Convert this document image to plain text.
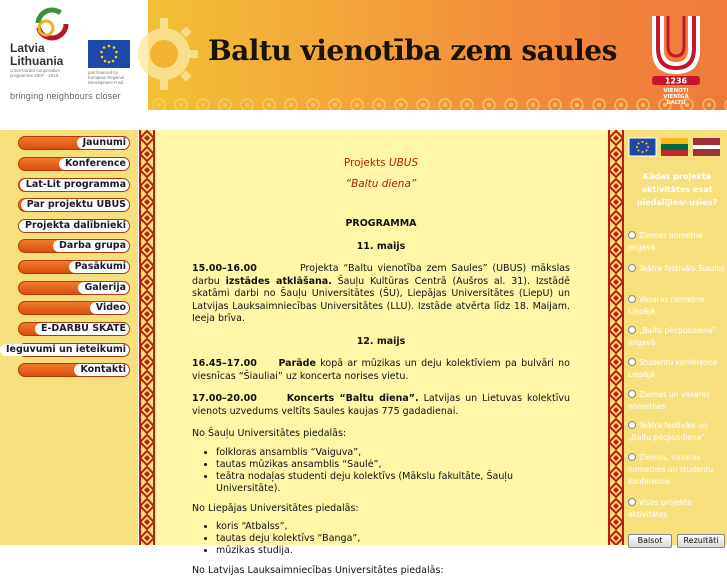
Latvia
Lithuania
cross-border cooperation programme 2007 - 2013
part financed by European Regional Development Fund
bringing neighbours closer
Baltu vienotība zem saules
1236
VIENOTI
Jaunumi
Konference
Lat-Lit programma
Par projektu UBUS
Projekta dalībnieki
Darba grupa
Pasākumi
Galerija
Video
E-DARBU SKATE
Ieguvumi un ieteikumi
Kontakti
Projekts UBUS
“Baltu diena”
PROGRAMMA
11. maijs

15.00–16.00	Projekta “Baltu vienotība zem Saules” (UBUS) mākslas darbu izstādes atklāšana. Šauļu Kultūras Centrā (Aušros al. 31). Izstādē skatāmi darbi no Šauļu Universitātes (ŠU), Liepājas Universitātes (LiepU) un Latvijas Lauksaimniecības Universitātes (LLU). Izstāde atvērta līdz 18. Maijam. Ieeja brīva.

12. maijs

16.45–17.00 Parāde kopā ar mūzikas un deju kolektīviem pa bulvāri no viesnīcas “Šiauliai” uz koncerta norises vietu.

17.00–20.00	Koncerts “Baltu diena”. Latvijas un Lietuvas kolektīvu vienots uzvedums veltīts Saules kaujas 775 gadadienai.

No Šauļu Universitātes piedalās:

• folkloras ansamblis “Vaiguva”,
• tautas mūzikas ansamblis “Saulė”,
• teātra nodaļas studenti deju kolektīvs (Mākslu fakultāte, Šauļu Universitāte).

No Liepājas Universitātes piedalās:

• koris “Atbalss”,
• tautas deju kolektīvs “Banga”,
• mūzikas studija.

No Latvijas Lauksaimniecības Universitātes piedalās:

Kādas projekta aktivitātes esat piedalījies/-usies?
Ziemas nometne Jelgavā
Teātra festivāls Šiaulos
Vasaras nometne Liepājā
„Baltu pēcpusdiena” Jelgavā
Studentu konference Liepājā
Ziemas un vasaras nometnes
Teātra festivāls un „Baltu pēcpusdiena”
Ziemas, vasaras nometnes un studentu konference
Visas projekta aktivitātes
Balsot	Rezultāti
